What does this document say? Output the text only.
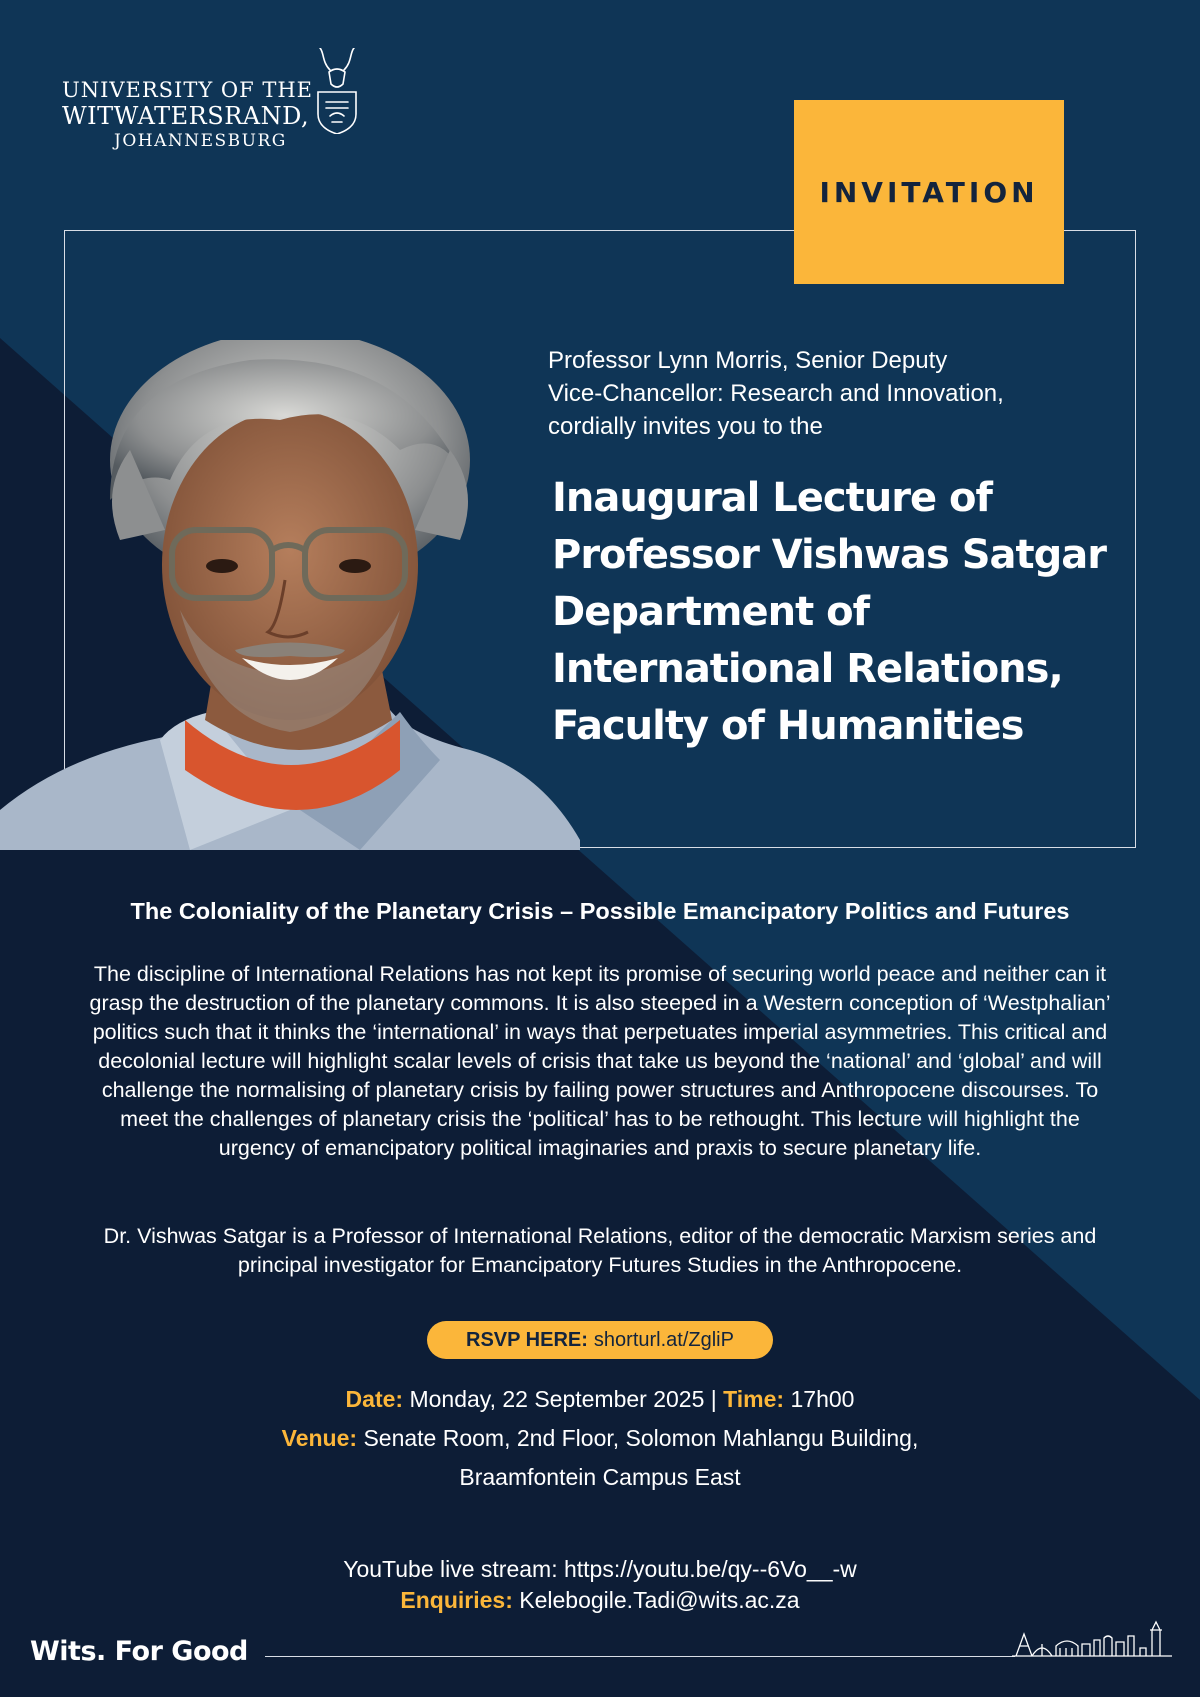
UNIVERSITY OF THE
WITWATERSRAND,
JOHANNESBURG
INVITATION
Professor Lynn Morris, Senior Deputy
Vice-Chancellor: Research and Innovation,
cordially invites you to the
Inaugural Lecture of
Professor Vishwas Satgar
Department of
International Relations,
Faculty of Humanities
The Coloniality of the Planetary Crisis – Possible Emancipatory Politics and Futures
The discipline of International Relations has not kept its promise of securing world peace and neither can it grasp the destruction of the planetary commons. It is also steeped in a Western conception of ‘Westphalian’ politics such that it thinks the ‘international’ in ways that perpetuates imperial asymmetries. This critical and decolonial lecture will highlight scalar levels of crisis that take us beyond the ‘national’ and ‘global’ and will challenge the normalising of planetary crisis by failing power structures and Anthropocene discourses. To meet the challenges of planetary crisis the ‘political’ has to be rethought. This lecture will highlight the urgency of emancipatory political imaginaries and praxis to secure planetary life.
Dr. Vishwas Satgar is a Professor of International Relations, editor of the democratic Marxism series and principal investigator for Emancipatory Futures Studies in the Anthropocene.
RSVP HERE: shorturl.at/ZgliP
Date: Monday, 22 September 2025 | Time: 17h00
Venue: Senate Room, 2nd Floor, Solomon Mahlangu Building,
Braamfontein Campus East
YouTube live stream: https://youtu.be/qy--6Vo__-w
Enquiries: Kelebogile.Tadi@wits.ac.za
Wits. For Good
